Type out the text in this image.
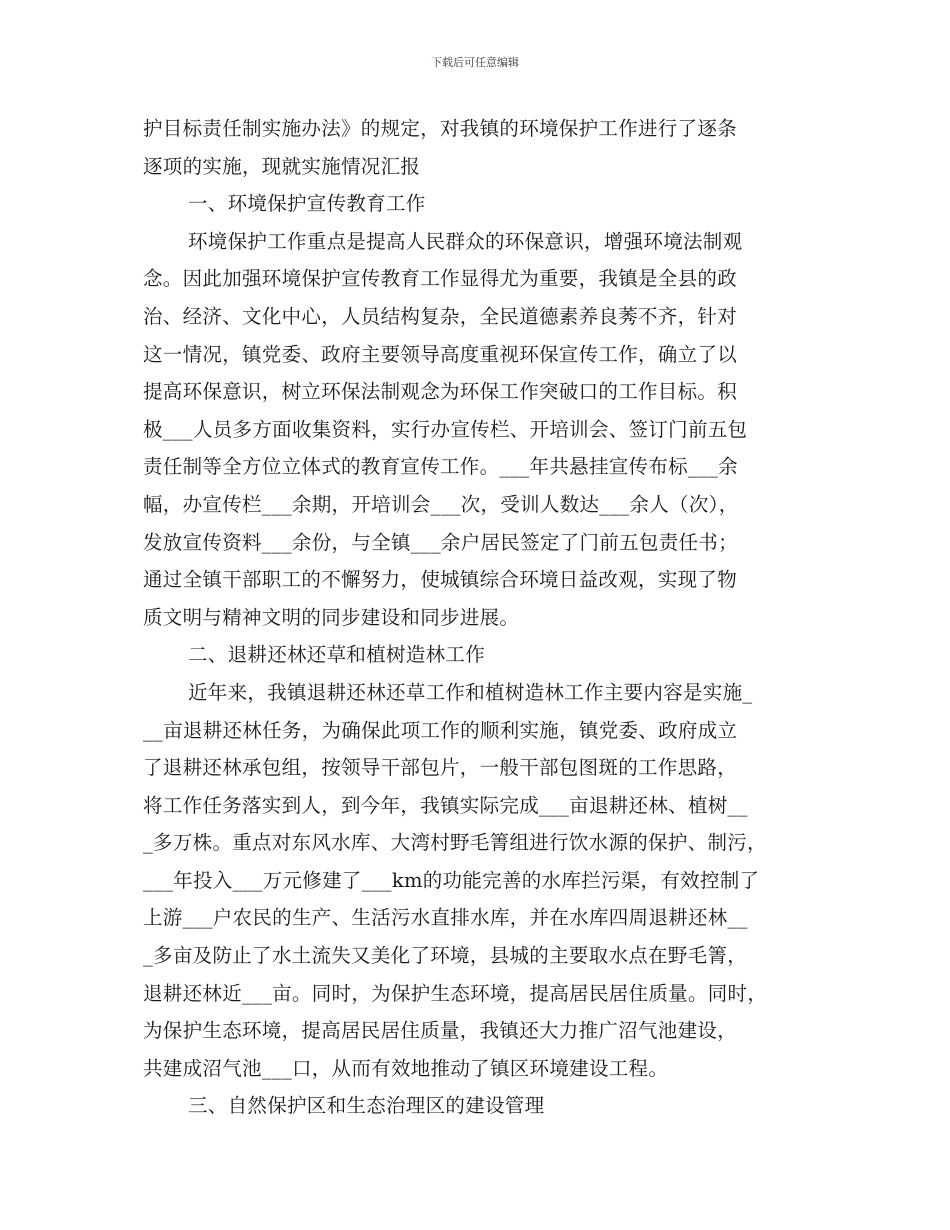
下载后可任意编辑
护目标责任制实施办法》的规定，对我镇的环境保护工作进行了逐条
逐项的实施，现就实施情况汇报
一、环境保护宣传教育工作
环境保护工作重点是提高人民群众的环保意识，增强环境法制观
念。因此加强环境保护宣传教育工作显得尤为重要，我镇是全县的政
治、经济、文化中心，人员结构复杂，全民道德素养良莠不齐，针对
这一情况，镇党委、政府主要领导高度重视环保宣传工作，确立了以
提高环保意识，树立环保法制观念为环保工作突破口的工作目标。积
极___人员多方面收集资料，实行办宣传栏、开培训会、签订门前五包
责任制等全方位立体式的教育宣传工作。___年共悬挂宣传布标___余
幅，办宣传栏___余期，开培训会___次，受训人数达___余人（次），
发放宣传资料___余份，与全镇___余户居民签定了门前五包责任书；
通过全镇干部职工的不懈努力，使城镇综合环境日益改观，实现了物
质文明与精神文明的同步建设和同步进展。
二、退耕还林还草和植树造林工作
近年来，我镇退耕还林还草工作和植树造林工作主要内容是实施_
__亩退耕还林任务，为确保此项工作的顺利实施，镇党委、政府成立
了退耕还林承包组，按领导干部包片，一般干部包图斑的工作思路，
将工作任务落实到人，到今年，我镇实际完成___亩退耕还林、植树__
_多万株。重点对东风水库、大湾村野毛箐组进行饮水源的保护、制污，
___年投入___万元修建了___km的功能完善的水库拦污渠，有效控制了
上游___户农民的生产、生活污水直排水库，并在水库四周退耕还林__
_多亩及防止了水土流失又美化了环境，县城的主要取水点在野毛箐，
退耕还林近___亩。同时，为保护生态环境，提高居民居住质量。同时，
为保护生态环境，提高居民居住质量，我镇还大力推广沼气池建设，
共建成沼气池___口，从而有效地推动了镇区环境建设工程。
三、自然保护区和生态治理区的建设管理
